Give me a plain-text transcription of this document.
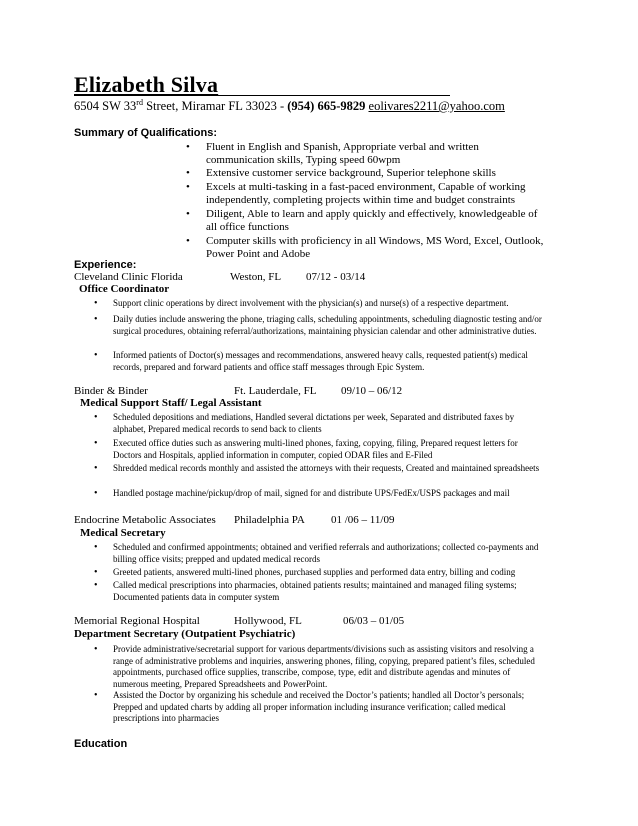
Elizabeth Silva
6504 SW 33rd Street, Miramar FL 33023 - (954) 665-9829 eolivares2211@yahoo.com
Summary of Qualifications:
• Fluent in English and Spanish, Appropriate verbal and written communication skills, Typing speed 60wpm
• Extensive customer service background, Superior telephone skills
• Excels at multi-tasking in a fast-paced environment, Capable of working independently, completing projects within time and budget constraints
• Diligent, Able to learn and apply quickly and effectively, knowledgeable of all office functions
• Computer skills with proficiency in all Windows, MS Word, Excel, Outlook, Power Point and Adobe
Experience:
Cleveland Clinic Florida	Weston, FL 07/12 - 03/14
Office Coordinator
• Support clinic operations by direct involvement with the physician(s) and nurse(s) of a respective department.
• Daily duties include answering the phone, triaging calls, scheduling appointments, scheduling diagnostic testing and/or surgical procedures, obtaining referral/authorizations, maintaining physician calendar and other administrative duties.
• Informed patients of Doctor(s) messages and recommendations, answered heavy calls, requested patient(s) medical records, prepared and forward patients and office staff messages through Epic System.
Binder & Binder	Ft. Lauderdale, FL 09/10 – 06/12
Medical Support Staff/ Legal Assistant
• Scheduled depositions and mediations, Handled several dictations per week, Separated and distributed faxes by alphabet, Prepared medical records to send back to clients
• Executed office duties such as answering multi-lined phones, faxing, copying, filing, Prepared request letters for Doctors and Hospitals, applied information in computer, copied ODAR files and E-Filed
• Shredded medical records monthly and assisted the attorneys with their requests, Created and maintained spreadsheets
• Handled postage machine/pickup/drop of mail, signed for and distribute UPS/FedEx/USPS packages and mail
Endocrine Metabolic Associates Philadelphia PA 01 /06 – 11/09
Medical Secretary
• Scheduled and confirmed appointments; obtained and verified referrals and authorizations; collected co-payments and billing office visits; prepped and updated medical records
• Greeted patients, answered multi-lined phones, purchased supplies and performed data entry, billing and coding
• Called medical prescriptions into pharmacies, obtained patients results; maintained and managed filing systems; Documented patients data in computer system
Memorial Regional Hospital	Hollywood, FL	06/03 – 01/05
Department Secretary (Outpatient Psychiatric)
• Provide administrative/secretarial support for various departments/divisions such as assisting visitors and resolving a range of administrative problems and inquiries, answering phones, filing, copying, prepared patient’s files, scheduled appointments, purchased office supplies, transcribe, compose, type, edit and distribute agendas and minutes of numerous meeting, Prepared Spreadsheets and PowerPoint.
• Assisted the Doctor by organizing his schedule and received the Doctor’s patients; handled all Doctor’s personals; Prepped and updated charts by adding all proper information including insurance verification; called medical prescriptions into pharmacies
Education
